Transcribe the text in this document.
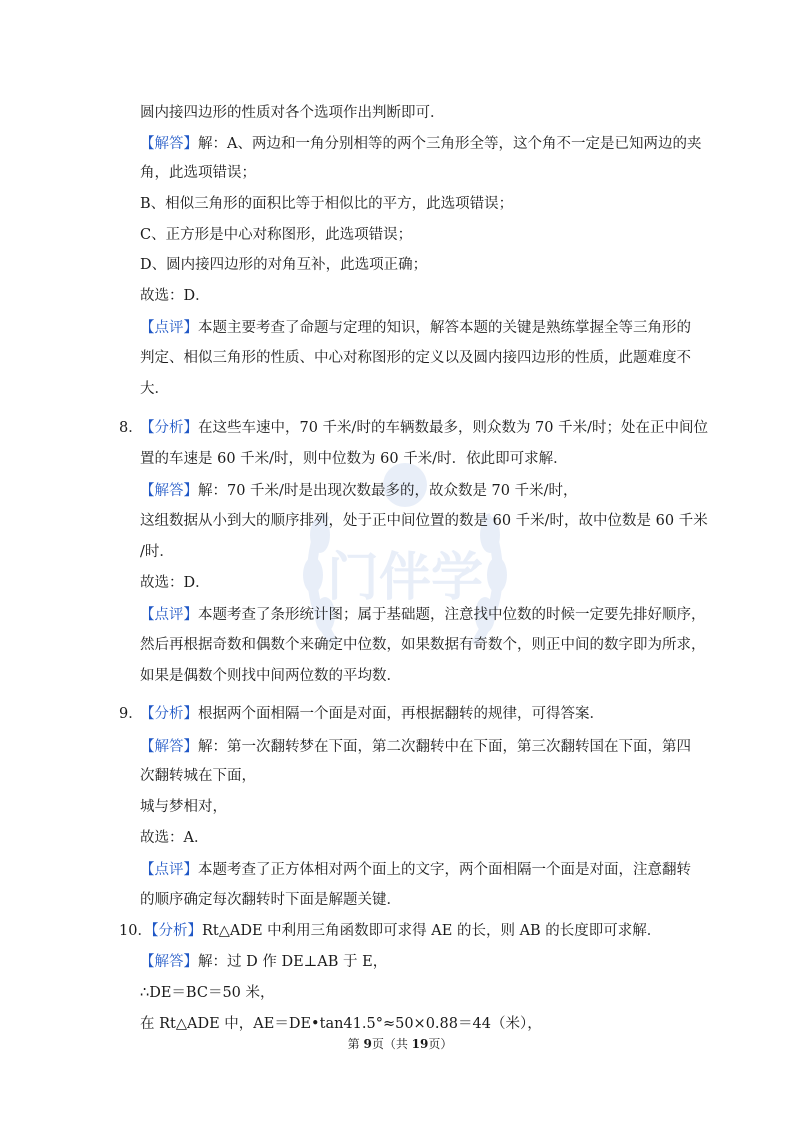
门伴学
圆内接四边形的性质对各个选项作出判断即可．
【解答】解：A、两边和一角分别相等的两个三角形全等，这个角不一定是已知两边的夹
角，此选项错误；
B、相似三角形的面积比等于相似比的平方，此选项错误；
C、正方形是中心对称图形，此选项错误；
D、圆内接四边形的对角互补，此选项正确；
故选：D．
【点评】本题主要考查了命题与定理的知识，解答本题的关键是熟练掌握全等三角形的
判定、相似三角形的性质、中心对称图形的定义以及圆内接四边形的性质，此题难度不
大．
8．
【分析】在这些车速中，70 千米/时的车辆数最多，则众数为 70 千米/时；处在正中间位
置的车速是 60 千米/时，则中位数为 60 千米/时．依此即可求解．
【解答】解：70 千米/时是出现次数最多的，故众数是 70 千米/时，
这组数据从小到大的顺序排列，处于正中间位置的数是 60 千米/时，故中位数是 60 千米
/时．
故选：D．
【点评】本题考查了条形统计图；属于基础题，注意找中位数的时候一定要先排好顺序，
然后再根据奇数和偶数个来确定中位数，如果数据有奇数个，则正中间的数字即为所求，
如果是偶数个则找中间两位数的平均数．
9．
【分析】根据两个面相隔一个面是对面，再根据翻转的规律，可得答案．
【解答】解：第一次翻转梦在下面，第二次翻转中在下面，第三次翻转国在下面，第四
次翻转城在下面，
城与梦相对，
故选：A．
【点评】本题考查了正方体相对两个面上的文字，两个面相隔一个面是对面，注意翻转
的顺序确定每次翻转时下面是解题关键．
10．
【分析】Rt△ADE 中利用三角函数即可求得 AE 的长，则 AB 的长度即可求解．
【解答】解：过 D 作 DE⊥AB 于 E，
∴DE＝BC＝50 米，
在 Rt△ADE 中，AE＝DE•tan41.5°≈50×0.88＝44（米），
第 9页（共 19页）
